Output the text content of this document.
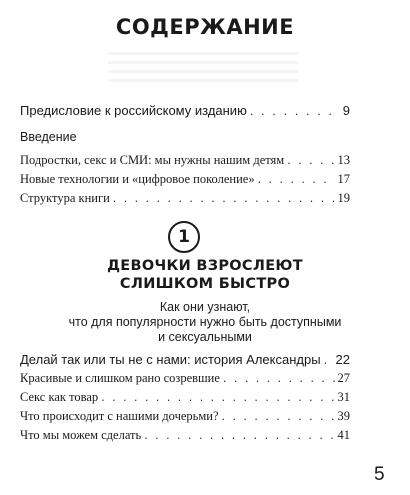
СОДЕРЖАНИЕ
Предисловие к российскому изданию . . .	9
Введение
Подростки, секс и СМИ: мы нужны нашим детям . . .	13
Новые технологии и «цифровое поколение» . . .	17
Структура книги . . .	19
1
ДЕВОЧКИ ВЗРОСЛЕЮТ
СЛИШКОМ БЫСТРО
Как они узнают,
что для популярности нужно быть доступными
и сексуальными
Делай так или ты не с нами: история Александры . . . 22
Красивые и слишком рано созревшие . . .	27
Секс как товар . . .	31
Что происходит с нашими дочерьми? . . .	39
Что мы можем сделать . . .	41
5
